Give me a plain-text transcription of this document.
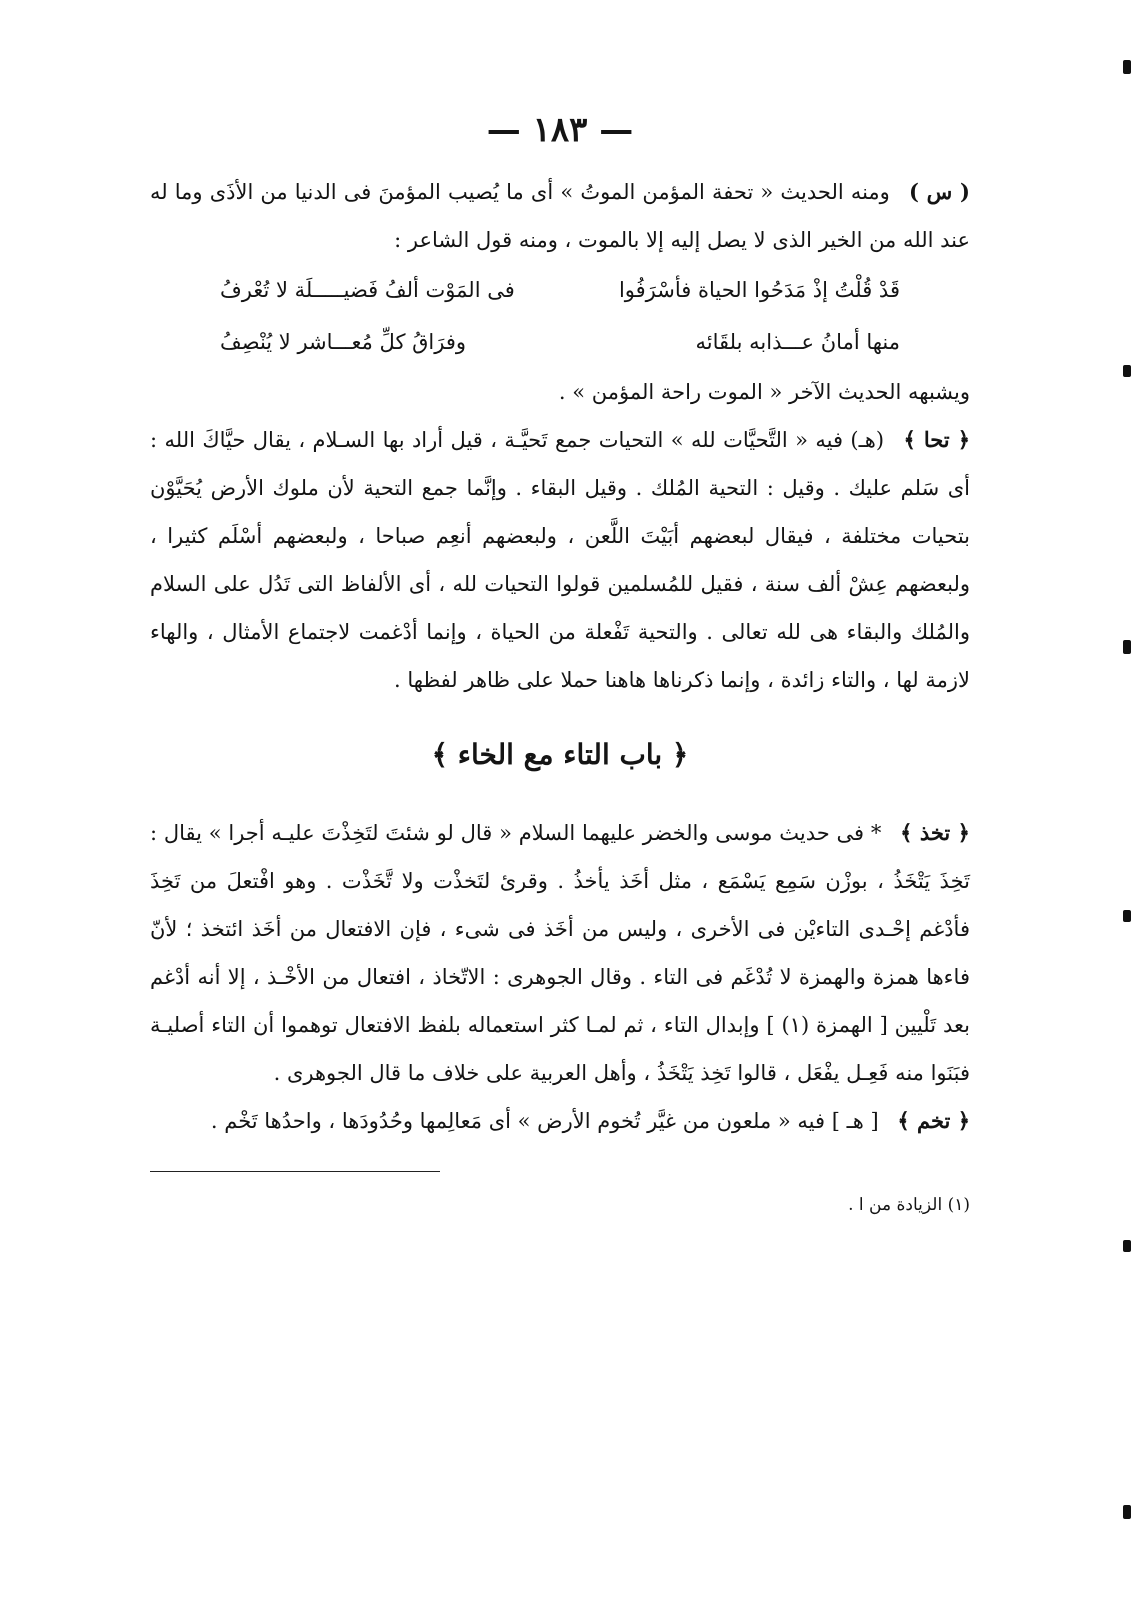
— ١٨٣ —

( س ) ومنه الحديث « تحفة المؤمن الموتُ » أى ما يُصيب المؤمنَ فى الدنيا من الأذَى وما له عند الله من الخير الذى لا يصل إليه إلا بالموت ، ومنه قول الشاعر :

قَدْ قُلْتُ إذْ مَدَحُوا الحياة فأسْرَفُوا
فى المَوْت ألفُ فَضيـــــلَة لا تُعْرفُ
منها أمانُ عـــذابه بلقَائه
وفرَاقُ كلِّ مُعـــاشر لا يُنْصِفُ

ويشبهه الحديث الآخر « الموت راحة المؤمن » .

﴿ تحا ﴾ (هـ) فيه « التَّحيَّات لله » التحيات جمع تَحيَّـة ، قيل أراد بها السـلام ، يقال حيَّاكَ الله : أى سَلم عليك . وقيل : التحية المُلك . وقيل البقاء . وإنَّما جمع التحية لأن ملوك الأرض يُحَيَّوْن بتحيات مختلفة ، فيقال لبعضهم أبَيْتَ اللَّعن ، ولبعضهم أنعِم صباحا ، ولبعضهم أسْلَم كثيرا ، ولبعضهم عِشْ ألف سنة ، فقيل للمُسلمين قولوا التحيات لله ، أى الألفاظ التى تَدُل على السلام والمُلك والبقاء هى لله تعالى . والتحية تَفْعلة من الحياة ، وإنما أدْغمت لاجتماع الأمثال ، والهاء لازمة لها ، والتاء زائدة ، وإنما ذكرناها هاهنا حملا على ظاهر لفظها .

﴿ باب التاء مع الخاء ﴾

﴿ تخذ ﴾ * فى حديث موسى والخضر عليهما السلام « قال لو شئتَ لتَخِذْتَ عليـه أجرا » يقال : تَخِذَ يَتْخَذُ ، بوزْن سَمِع يَسْمَع ، مثل أخَذ يأخذُ . وقرئ لتَخذْت ولا تَّخَذْت . وهو افْتعلَ من تَخِذَ فأدْغم إحْـدى التاءيْن فى الأخرى ، وليس من أخَذ فى شىء ، فإن الافتعال من أخَذ ائتخذ ؛ لأنّ فاءها همزة والهمزة لا تُدْغَم فى التاء . وقال الجوهرى : الاتّخاذ ، افتعال من الأخْـذ ، إلا أنه أدْغم بعد تَلْيين [ الهمزة (١) ] وإبدال التاء ، ثم لمـا كثر استعماله بلفظ الافتعال توهموا أن التاء أصليـة فبَنَوا منه فَعِـل يفْعَل ، قالوا تَخِذ يَتْخَذُ ، وأهل العربية على خلاف ما قال الجوهرى .

﴿ تخم ﴾ [ هـ ] فيه « ملعون من غيَّر تُخوم الأرض » أى مَعالِمها وحُدُودَها ، واحدُها تَخْم .

(١) الزيادة من ا .
